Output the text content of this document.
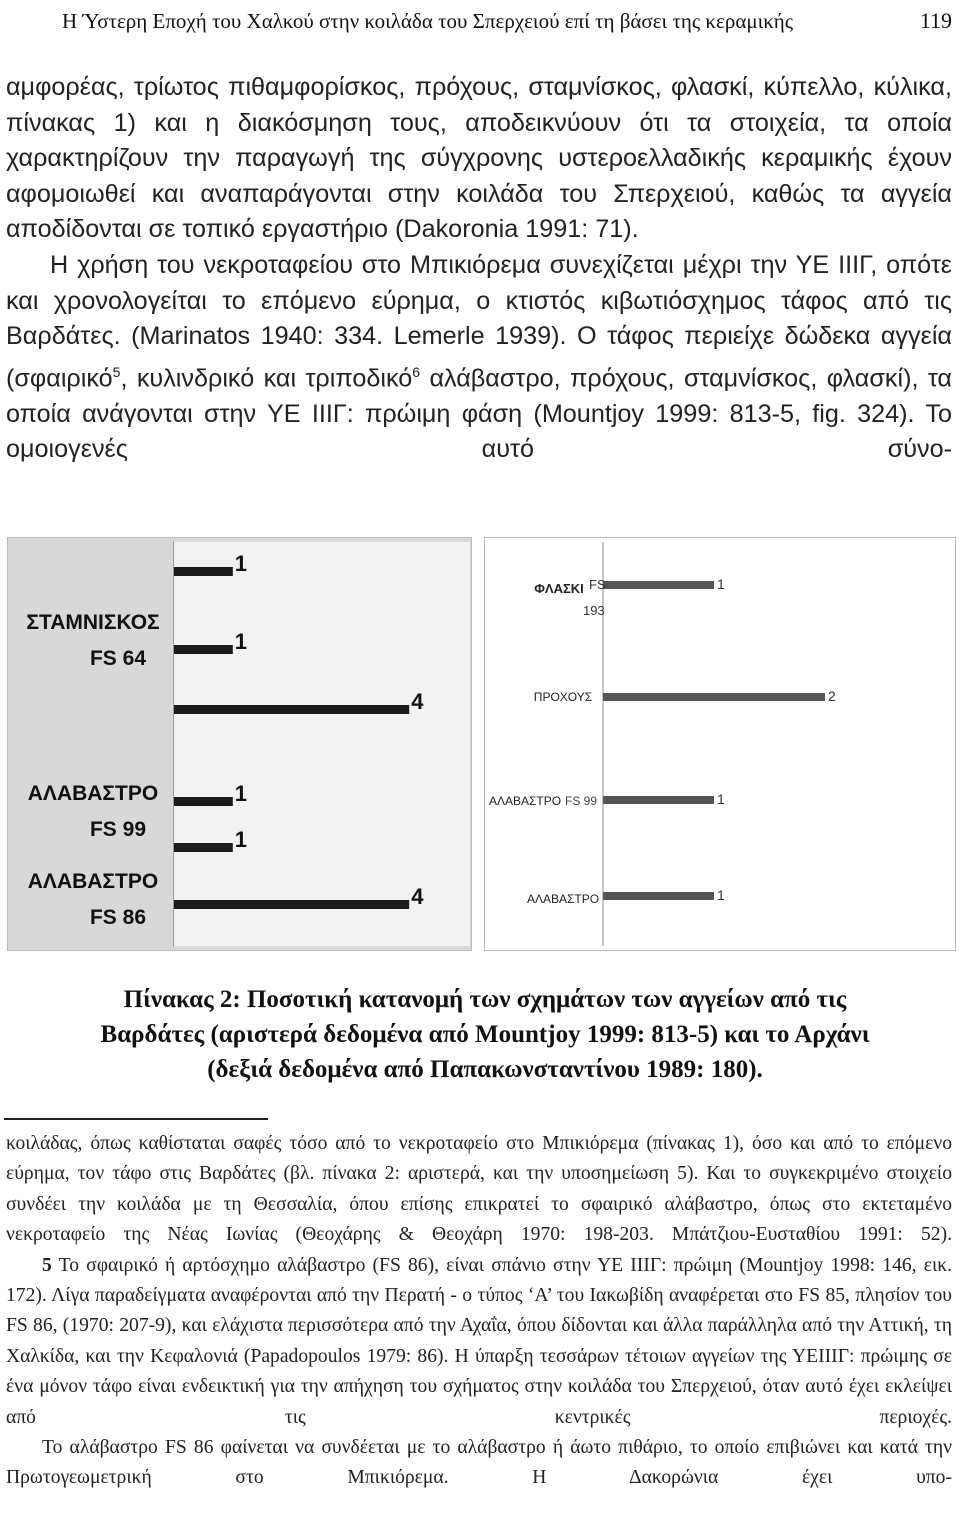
Η Ύστερη Εποχή του Χαλκού στην κοιλάδα του Σπερχειού επί τη βάσει της κεραμικής	119

αμφορέας, τρίωτος πιθαμφορίσκος, πρόχους, σταμνίσκος, φλασκί, κύπελλο, κύλικα, πίνακας 1) και η διακόσμηση τους, αποδεικνύουν ότι τα στοιχεία, τα οποία χαρακτηρίζουν την παραγωγή της σύγχρονης υστεροελλαδικής κεραμικής έχουν αφομοιωθεί και αναπαράγονται στην κοιλάδα του Σπερχειού, καθώς τα αγγεία αποδίδονται σε τοπικό εργαστήριο (Dakoronia 1991: 71).

Η χρήση του νεκροταφείου στο Μπικιόρεμα συνεχίζεται μέχρι την ΥΕ ΙΙΙΓ, οπότε και χρονολογείται το επόμενο εύρημα, ο κτιστός κιβωτιόσχημος τάφος από τις Βαρδάτες. (Marinatos 1940: 334. Lemerle 1939). Ο τάφος περιείχε δώδεκα αγγεία (σφαιρικό$^5$, κυλινδρικό και τριποδικό$^6$ αλάβαστρο, πρόχους, σταμνίσκος, φλασκί), τα οποία ανάγονται στην ΥΕ ΙΙΙΓ: πρώιμη φάση (Mountjoy 1999: 813-5, fig. 324). Το ομοιογενές αυτό σύνο-

1
1
4
1
1
4
ΣΤΑΜΝΙΣΚΟΣ
FS 64
ΑΛΑΒΑΣΤΡΟ
FS 99
ΑΛΑΒΑΣΤΡΟ
FS 86
1
2
1
1
ΦΛΑΣΚΙ FS
193
ΠΡΟΧΟΥΣ
ΑΛΑΒΑΣΤΡΟ FS 99
ΑΛΑΒΑΣΤΡΟ
Πίνακας 2: Ποσοτική κατανομή των σχημάτων των αγγείων από τις
Βαρδάτες (αριστερά δεδομένα από Mountjoy 1999: 813-5) και το Αρχάνι
(δεξιά δεδομένα από Παπακωνσταντίνου 1989: 180).

κοιλάδας, όπως καθίσταται σαφές τόσο από το νεκροταφείο στο Μπικιόρεμα (πίνακας 1), όσο και από το επόμενο εύρημα, τον τάφο στις Βαρδάτες (βλ. πίνακα 2: αριστερά, και την υποσημείωση 5). Και το συγκεκριμένο στοιχείο συνδέει την κοιλάδα με τη Θεσσαλία, όπου επίσης επικρατεί το σφαιρικό αλάβαστρο, όπως στο εκτεταμένο νεκροταφείο της Νέας Ιωνίας (Θεοχάρης & Θεοχάρη 1970: 198-203. Μπάτζιου-Ευσταθίου 1991: 52).

5 Το σφαιρικό ή αρτόσχημο αλάβαστρο (FS 86), είναι σπάνιο στην ΥΕ ΙΙΙΓ: πρώιμη (Mountjoy 1998: 146, εικ. 172). Λίγα παραδείγματα αναφέρονται από την Περατή - ο τύπος ‘Α’ του Ιακωβίδη αναφέρεται στο FS 85, πλησίον του FS 86, (1970: 207-9), και ελάχιστα περισσότερα από την Αχαΐα, όπου δίδονται και άλλα παράλληλα από την Αττική, τη Χαλκίδα, και την Κεφαλονιά (Papadopoulos 1979: 86). Η ύπαρξη τεσσάρων τέτοιων αγγείων της ΥΕΙΙΙΓ: πρώιμης σε ένα μόνον τάφο είναι ενδεικτική για την απήχηση του σχήματος στην κοιλάδα του Σπερχειού, όταν αυτό έχει εκλείψει από τις κεντρικές περιοχές.

Το αλάβαστρο FS 86 φαίνεται να συνδέεται με το αλάβαστρο ή άωτο πιθάριο, το οποίο επιβιώνει και κατά την Πρωτογεωμετρική στο Μπικιόρεμα. Η Δακορώνια έχει υπο-
